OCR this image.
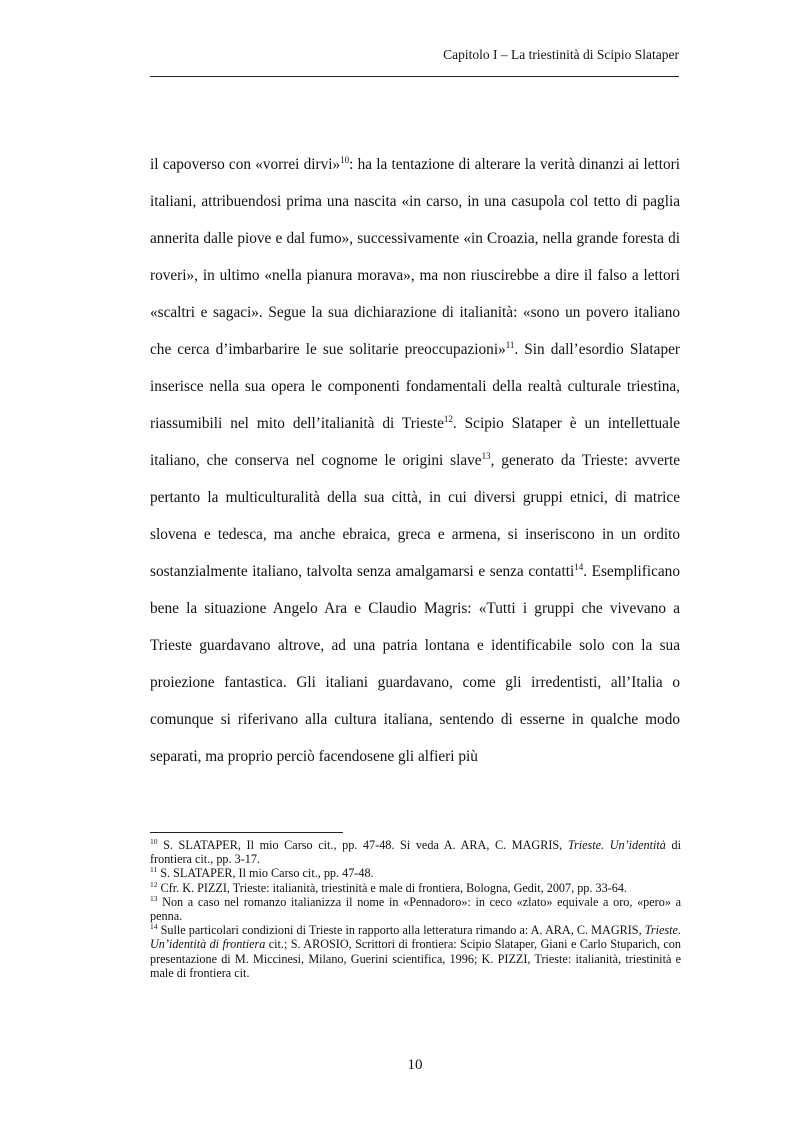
Capitolo I – La triestinità di Scipio Slataper

il capoverso con «vorrei dirvi»$^{10}$: ha la tentazione di alterare la verità dinanzi ai lettori italiani, attribuendosi prima una nascita «in carso, in una casupola col tetto di paglia annerita dalle piove e dal fumo», successivamente «in Croazia, nella grande foresta di roveri», in ultimo «nella pianura morava», ma non riuscirebbe a dire il falso a lettori «scaltri e sagaci». Segue la sua dichiarazione di italianità: «sono un povero italiano che cerca d’imbarbarire le sue solitarie preoccupazioni»$^{11}$. Sin dall’esordio Slataper inserisce nella sua opera le componenti fondamentali della realtà culturale triestina, riassumibili nel mito dell’italianità di Trieste$^{12}$. Scipio Slataper è un intellettuale italiano, che conserva nel cognome le origini slave$^{13}$, generato da Trieste: avverte pertanto la multiculturalità della sua città, in cui diversi gruppi etnici, di matrice slovena e tedesca, ma anche ebraica, greca e armena, si inseriscono in un ordito sostanzialmente italiano, talvolta senza amalgamarsi e senza contatti$^{14}$. Esemplificano bene la situazione Angelo Ara e Claudio Magris: «Tutti i gruppi che vivevano a Trieste guardavano altrove, ad una patria lontana e identificabile solo con la sua proiezione fantastica. Gli italiani guardavano, come gli irredentisti, all’Italia o comunque si riferivano alla cultura italiana, sentendo di esserne in qualche modo separati, ma proprio perciò facendosene gli alfieri più

$^{10}$ S. SLATAPER, Il mio Carso cit., pp. 47-48. Si veda A. ARA, C. MAGRIS, Trieste. Un’identità di frontiera cit., pp. 3-17.

$^{11}$ S. SLATAPER, Il mio Carso cit., pp. 47-48.

$^{12}$ Cfr. K. PIZZI, Trieste: italianità, triestinità e male di frontiera, Bologna, Gedit, 2007, pp. 33-64.

$^{13}$ Non a caso nel romanzo italianizza il nome in «Pennadoro»: in ceco «zlato» equivale a oro, «pero» a penna.

$^{14}$ Sulle particolari condizioni di Trieste in rapporto alla letteratura rimando a: A. ARA, C. MAGRIS, Trieste. Un’identità di frontiera cit.; S. AROSIO, Scrittori di frontiera: Scipio Slataper, Giani e Carlo Stuparich, con presentazione di M. Miccinesi, Milano, Guerini scientifica, 1996; K. PIZZI, Trieste: italianità, triestinità e male di frontiera cit.

10
